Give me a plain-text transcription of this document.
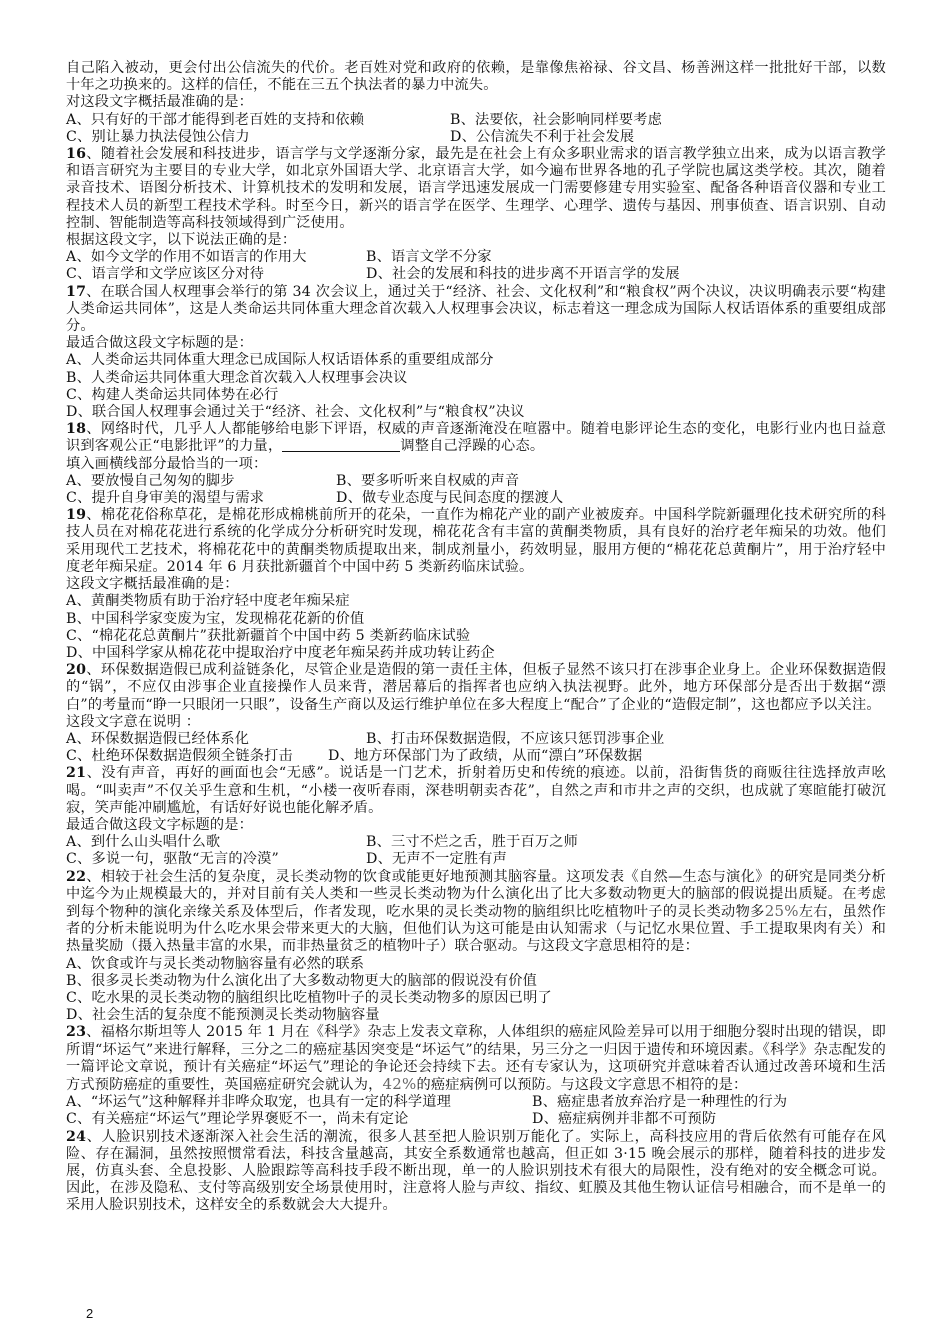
自己陷入被动，更会付出公信流失的代价。老百姓对党和政府的依赖，是靠像焦裕禄、谷文昌、杨善洲这样一批批好干部，以数十年之功换来的。这样的信任，不能在三五个执法者的暴力中流失。

对这段文字概括最准确的是：

A、只有好的干部才能得到老百姓的支持和依赖	B、法要依，社会影响同样要考虑
C、别让暴力执法侵蚀公信力	D、公信流失不利于社会发展

16、随着社会发展和科技进步，语言学与文学逐渐分家，最先是在社会上有众多职业需求的语言教学独立出来，成为以语言教学和语言研究为主要目的专业大学，如北京外国语大学、北京语言大学，如今遍布世界各地的孔子学院也属这类学校。其次，随着录音技术、语图分析技术、计算机技术的发明和发展，语言学迅速发展成一门需要修建专用实验室、配备各种语音仪器和专业工程技术人员的新型工程技术学科。时至今日，新兴的语言学在医学、生理学、心理学、遗传与基因、刑事侦查、语言识别、自动控制、智能制造等高科技领域得到广泛使用。

根据这段文字，以下说法正确的是：

A、如今文学的作用不如语言的作用大	B、语言文学不分家
C、语言学和文学应该区分对待	D、社会的发展和科技的进步离不开语言学的发展

17、在联合国人权理事会举行的第 34 次会议上，通过关于“经济、社会、文化权利”和“粮食权”两个决议，决议明确表示要“构建人类命运共同体”，这是人类命运共同体重大理念首次载入人权理事会决议，标志着这一理念成为国际人权话语体系的重要组成部分。

最适合做这段文字标题的是：

A、人类命运共同体重大理念已成国际人权话语体系的重要组成部分

B、人类命运共同体重大理念首次载入人权理事会决议

C、构建人类命运共同体势在必行

D、联合国人权理事会通过关于“经济、社会、文化权利”与“粮食权”决议

18、网络时代，几乎人人都能够给电影下评语，权威的声音逐渐淹没在喧嚣中。随着电影评论生态的变化，电影行业内也日益意识到客观公正“电影批评”的力量，	调整自己浮躁的心态。

填入画横线部分最恰当的一项：

A、要放慢自己匆匆的脚步	B、要多听听来自权威的声音
C、提升自身审美的渴望与需求	D、做专业态度与民间态度的摆渡人

19、棉花花俗称草花，是棉花形成棉桃前所开的花朵，一直作为棉花产业的副产业被废弃。中国科学院新疆理化技术研究所的科技人员在对棉花花进行系统的化学成分分析研究时发现，棉花花含有丰富的黄酮类物质，具有良好的治疗老年痴呆的功效。他们采用现代工艺技术，将棉花花中的黄酮类物质提取出来，制成剂量小，药效明显，服用方便的“棉花花总黄酮片”，用于治疗轻中度老年痴呆症。2014 年 6 月获批新疆首个中国中药 5 类新药临床试验。

这段文字概括最准确的是：

A、黄酮类物质有助于治疗轻中度老年痴呆症

B、中国科学家变废为宝，发现棉花花新的价值

C、“棉花花总黄酮片”获批新疆首个中国中药 5 类新药临床试验

D、中国科学家从棉花花中提取治疗中度老年痴呆药并成功转让药企

20、环保数据造假已成利益链条化，尽管企业是造假的第一责任主体，但板子显然不该只打在涉事企业身上。企业环保数据造假的“锅”，不应仅由涉事企业直接操作人员来背，潜居幕后的指挥者也应纳入执法视野。此外，地方环保部分是否出于数据“漂白”的考量而“睁一只眼闭一只眼”，设备生产商以及运行维护单位在多大程度上“配合”了企业的“造假定制”，这也都应予以关注。

这段文字意在说明 ：

A、环保数据造假已经体系化	B、打击环保数据造假，不应该只惩罚涉事企业
C、杜绝环保数据造假须全链条打击	D、地方环保部门为了政绩，从而“漂白”环保数据

21、没有声音，再好的画面也会“无感”。说话是一门艺术，折射着历史和传统的痕迹。以前，沿街售货的商贩往往选择放声吆喝。“叫卖声”不仅关乎生意和生机，“小楼一夜听春雨，深巷明朝卖杏花”，自然之声和市井之声的交织，也成就了寒暄能打破沉寂，笑声能冲刷尴尬，有话好好说也能化解矛盾。

最适合做这段文字标题的是：

A、到什么山头唱什么歌	B、三寸不烂之舌，胜于百万之师
C、多说一句，驱散“无言的冷漠”	D、无声不一定胜有声

22、相较于社会生活的复杂度，灵长类动物的饮食或能更好地预测其脑容量。这项发表《自然—生态与演化》的研究是同类分析中迄今为止规模最大的，并对目前有关人类和一些灵长类动物为什么演化出了比大多数动物更大的脑部的假说提出质疑。在考虑到每个物种的演化亲缘关系及体型后，作者发现，吃水果的灵长类动物的脑组织比吃植物叶子的灵长类动物多25%左右，虽然作者的分析未能说明为什么吃水果会带来更大的大脑，但他们认为这可能是由认知需求（与记忆水果位置、手工提取果肉有关）和热量奖励（摄入热量丰富的水果，而非热量贫乏的植物叶子）联合驱动。与这段文字意思相符的是：

A、饮食或许与灵长类动物脑容量有必然的联系

B、很多灵长类动物为什么演化出了大多数动物更大的脑部的假说没有价值

C、吃水果的灵长类动物的脑组织比吃植物叶子的灵长类动物多的原因已明了

D、社会生活的复杂度不能预测灵长类动物脑容量

23、福格尔斯坦等人 2015 年 1 月在《科学》杂志上发表文章称，人体组织的癌症风险差异可以用于细胞分裂时出现的错误，即所谓“坏运气”来进行解释，三分之二的癌症基因突变是“坏运气”的结果，另三分之一归因于遗传和环境因素。《科学》杂志配发的一篇评论文章说，预计有关癌症“坏运气”理论的争论还会持续下去。还有专家认为，这项研究并意味着否认通过改善环境和生活方式预防癌症的重要性，英国癌症研究会就认为，42%的癌症病例可以预防。与这段文字意思不相符的是：

A、“坏运气”这种解释并非哗众取宠，也具有一定的科学道理	B、癌症患者放弃治疗是一种理性的行为
C、有关癌症“坏运气”理论学界褒贬不一，尚未有定论	D、癌症病例并非都不可预防

24、人脸识别技术逐渐深入社会生活的潮流，很多人甚至把人脸识别万能化了。实际上，高科技应用的背后依然有可能存在风险、存在漏洞，虽然按照惯常看法，科技含量越高，其安全系数通常也越高，但正如 3·15 晚会展示的那样，随着科技的进步发展，仿真头套、全息投影、人脸跟踪等高科技手段不断出现，单一的人脸识别技术有很大的局限性，没有绝对的安全概念可说。因此，在涉及隐私、支付等高级别安全场景使用时，注意将人脸与声纹、指纹、虹膜及其他生物认证信号相融合，而不是单一的采用人脸识别技术，这样安全的系数就会大大提升。

2
